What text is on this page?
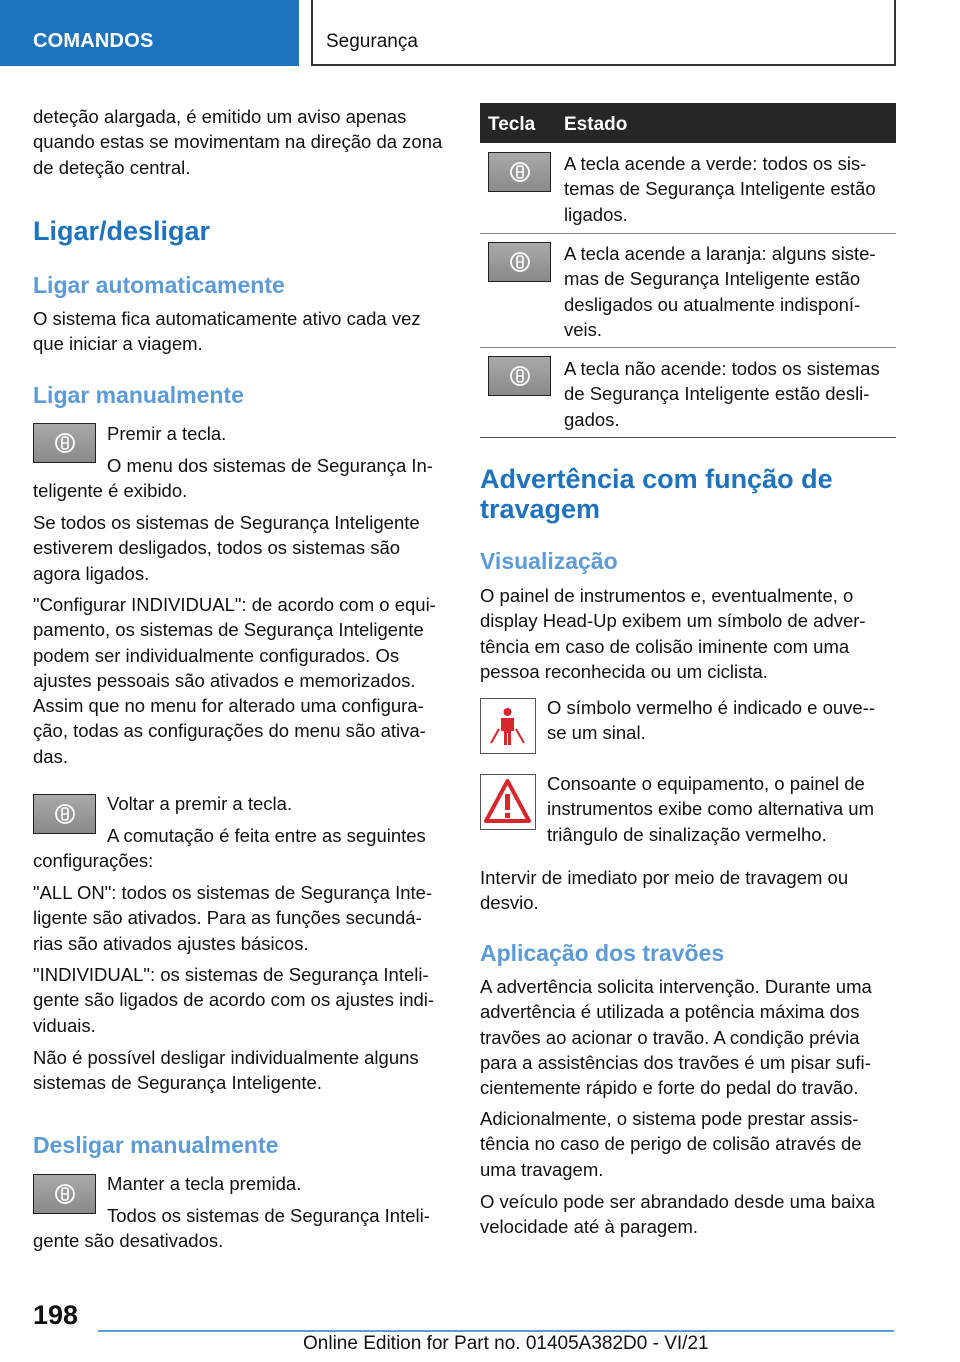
COMANDOS	Segurança

deteção alargada, é emitido um aviso apenas quando estas se movimentam na direção da zona de deteção central.

Ligar/desligar
Ligar automaticamente

O sistema fica automaticamente ativo cada vez que iniciar a viagem.

Ligar manualmente

Premir a tecla.

O menu dos sistemas de Segurança In-teligente é exibido.

Se todos os sistemas de Segurança Inteligente estiverem desligados, todos os sistemas são agora ligados.

"Configurar INDIVIDUAL": de acordo com o equi-pamento, os sistemas de Segurança Inteligente podem ser individualmente configurados. Os ajustes pessoais são ativados e memorizados. Assim que no menu for alterado uma configura-ção, todas as configurações do menu são ativa-das.

Voltar a premir a tecla.

A comutação é feita entre as seguintes configurações:

"ALL ON": todos os sistemas de Segurança Inte-ligente são ativados. Para as funções secundá-rias são ativados ajustes básicos.

"INDIVIDUAL": os sistemas de Segurança Inteli-gente são ligados de acordo com os ajustes indi-viduais.

Não é possível desligar individualmente alguns sistemas de Segurança Inteligente.

Desligar manualmente

Manter a tecla premida.

Todos os sistemas de Segurança Inteli-gente são desativados.

Tecla Estado

A tecla acende a verde: todos os sis-temas de Segurança Inteligente estão ligados.

A tecla acende a laranja: alguns siste-mas de Segurança Inteligente estão desligados ou atualmente indisponí-veis.

A tecla não acende: todos os sistemas de Segurança Inteligente estão desli-gados.

Advertência com função de travagem
Visualização

O painel de instrumentos e, eventualmente, o display Head-Up exibem um símbolo de adver-tência em caso de colisão iminente com uma pessoa reconhecida ou um ciclista.

O símbolo vermelho é indicado e ouve--se um sinal.

Consoante o equipamento, o painel de instrumentos exibe como alternativa um triângulo de sinalização vermelho.

Intervir de imediato por meio de travagem ou desvio.

Aplicação dos travões

A advertência solicita intervenção. Durante uma advertência é utilizada a potência máxima dos travões ao acionar o travão. A condição prévia para a assistências dos travões é um pisar sufi-cientemente rápido e forte do pedal do travão.

Adicionalmente, o sistema pode prestar assis-tência no caso de perigo de colisão através de uma travagem.

O veículo pode ser abrandado desde uma baixa velocidade até à paragem.

198
Online Edition for Part no. 01405A382D0 - VI/21
